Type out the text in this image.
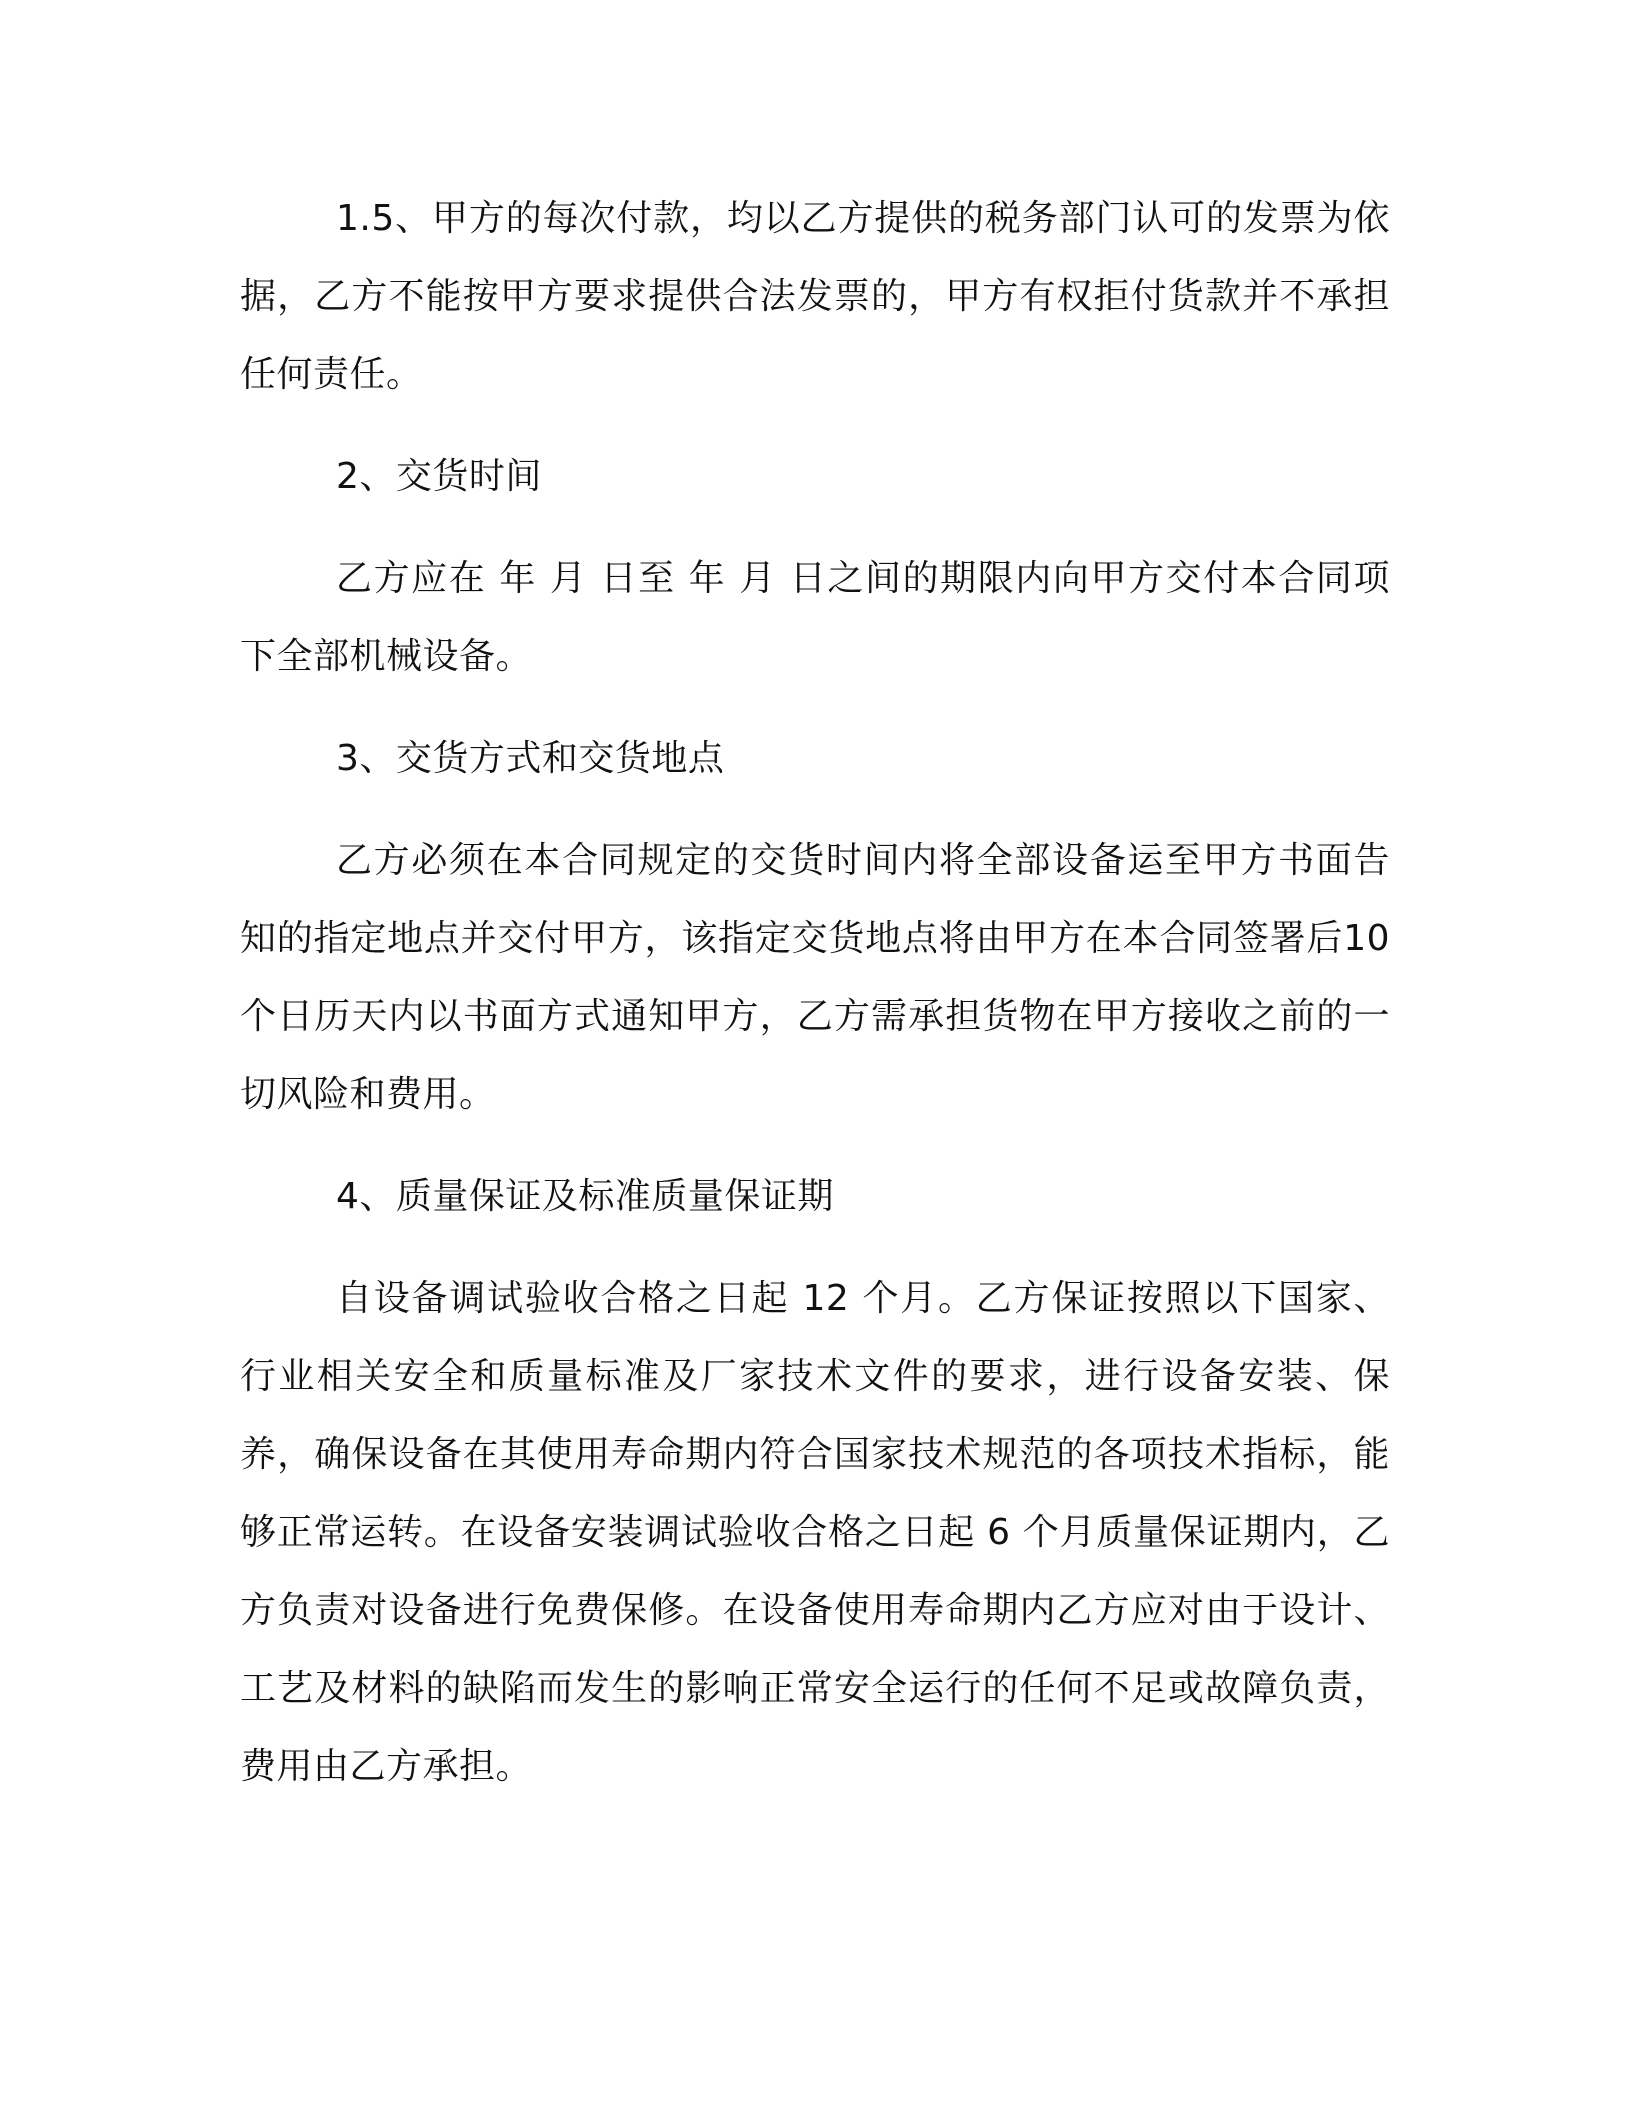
1.5、甲方的每次付款，均以乙方提供的税务部门认可的发票为依据，乙方不能按甲方要求提供合法发票的，甲方有权拒付货款并不承担任何责任。

2、交货时间

乙方应在 年 月 日至 年 月 日之间的期限内向甲方交付本合同项下全部机械设备。

3、交货方式和交货地点

乙方必须在本合同规定的交货时间内将全部设备运至甲方书面告知的指定地点并交付甲方，该指定交货地点将由甲方在本合同签署后10 个日历天内以书面方式通知甲方，乙方需承担货物在甲方接收之前的一切风险和费用。

4、质量保证及标准质量保证期

自设备调试验收合格之日起 12 个月。乙方保证按照以下国家、行业相关安全和质量标准及厂家技术文件的要求，进行设备安装、保养，确保设备在其使用寿命期内符合国家技术规范的各项技术指标，能够正常运转。在设备安装调试验收合格之日起 6 个月质量保证期内，乙方负责对设备进行免费保修。在设备使用寿命期内乙方应对由于设计、工艺及材料的缺陷而发生的影响正常安全运行的任何不足或故障负责，费用由乙方承担。
